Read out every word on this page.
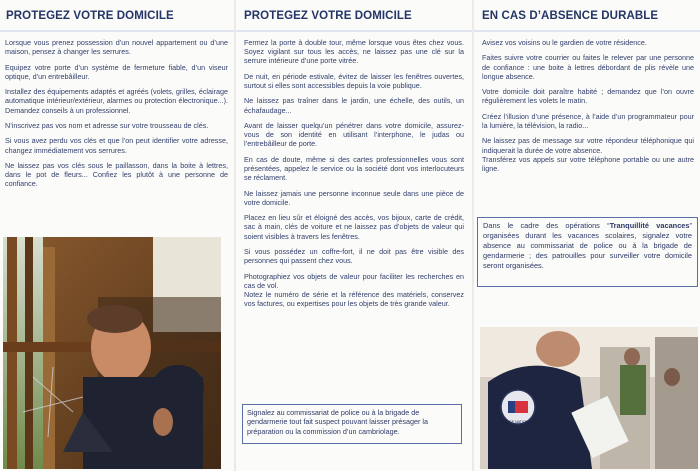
PROTEGEZ VOTRE DOMICILE

Lorsque vous prenez possession d’un nouvel appartement ou d’une maison, pensez à changer les serrures.

Equipez votre porte d’un système de fermeture fiable, d’un viseur optique, d’un entrebâilleur.

Installez des équipements adaptés et agréés (volets, grilles, éclairage automatique intérieur/extérieur, alarmes ou protection électronique...). Demandez conseils à un professionnel.

N’inscrivez pas vos nom et adresse sur votre trousseau de clés.

Si vous avez perdu vos clés et que l’on peut identifier votre adresse, changez immédiatement vos serrures.

Ne laissez pas vos clés sous le paillasson, dans la boite à lettres, dans le pot de fleurs... Confiez les plutôt à une personne de confiance.

PROTEGEZ VOTRE DOMICILE

Fermez la porte à double tour, même lorsque vous êtes chez vous. Soyez vigilant sur tous les accès, ne laissez pas une clé sur la serrure intérieure d’une porte vitrée.

De nuit, en période estivale, évitez de laisser les fenêtres ouvertes, surtout si elles sont accessibles depuis la voie publique.

Ne laissez pas traîner dans le jardin, une échelle, des outils, un échafaudage...

Avant de laisser quelqu’un pénétrer dans votre domicile, assurez-vous de son identité en utilisant l’interphone, le judas ou l’entrebâilleur de porte.

En cas de doute, même si des cartes professionnelles vous sont présentées, appelez le service ou la société dont vos interlocuteurs se réclament.

Ne laissez jamais une personne inconnue seule dans une pièce de votre domicile.

Placez en lieu sûr et éloigné des accès, vos bijoux, carte de crédit, sac à main, clés de voiture et ne laissez pas d’objets de valeur qui soient visibles à travers les fenêtres.

Si vous possédez un coffre-fort, il ne doit pas être visible des personnes qui passent chez vous.

Photographiez vos objets de valeur pour faciliter les recherches en cas de vol.

Notez le numéro de série et la référence des matériels, conservez vos factures, ou expertises pour les objets de très grande valeur.

Signalez au commissariat de police ou à la brigade de gendarmerie tout fait suspect pouvant laisser présager la préparation ou la commission d’un cambriolage.
EN CAS D’ABSENCE DURABLE

Avisez vos voisins ou le gardien de votre résidence.

Faites suivre votre courrier ou faites le relever par une personne de confiance : une boite à lettres débordant de plis révèle une longue absence.

Votre domicile doit paraître habité ; demandez que l’on ouvre régulièrement les volets le matin.

Créez l’illusion d’une présence, à l’aide d’un programmateur pour la lumière, la télévision, la radio...

Ne laissez pas de message sur votre répondeur téléphonique qui indiquerait la durée de votre absence.

Transférez vos appels sur votre téléphone portable ou une autre ligne.

Dans le cadre des opérations “Tranquillité vacances” organisées durant les vacances scolaires, signalez votre absence au commissariat de police ou à la brigade de gendarmerie ; des patrouilles pour surveiller votre domicile seront organisées.
POLICE NATIONALE
